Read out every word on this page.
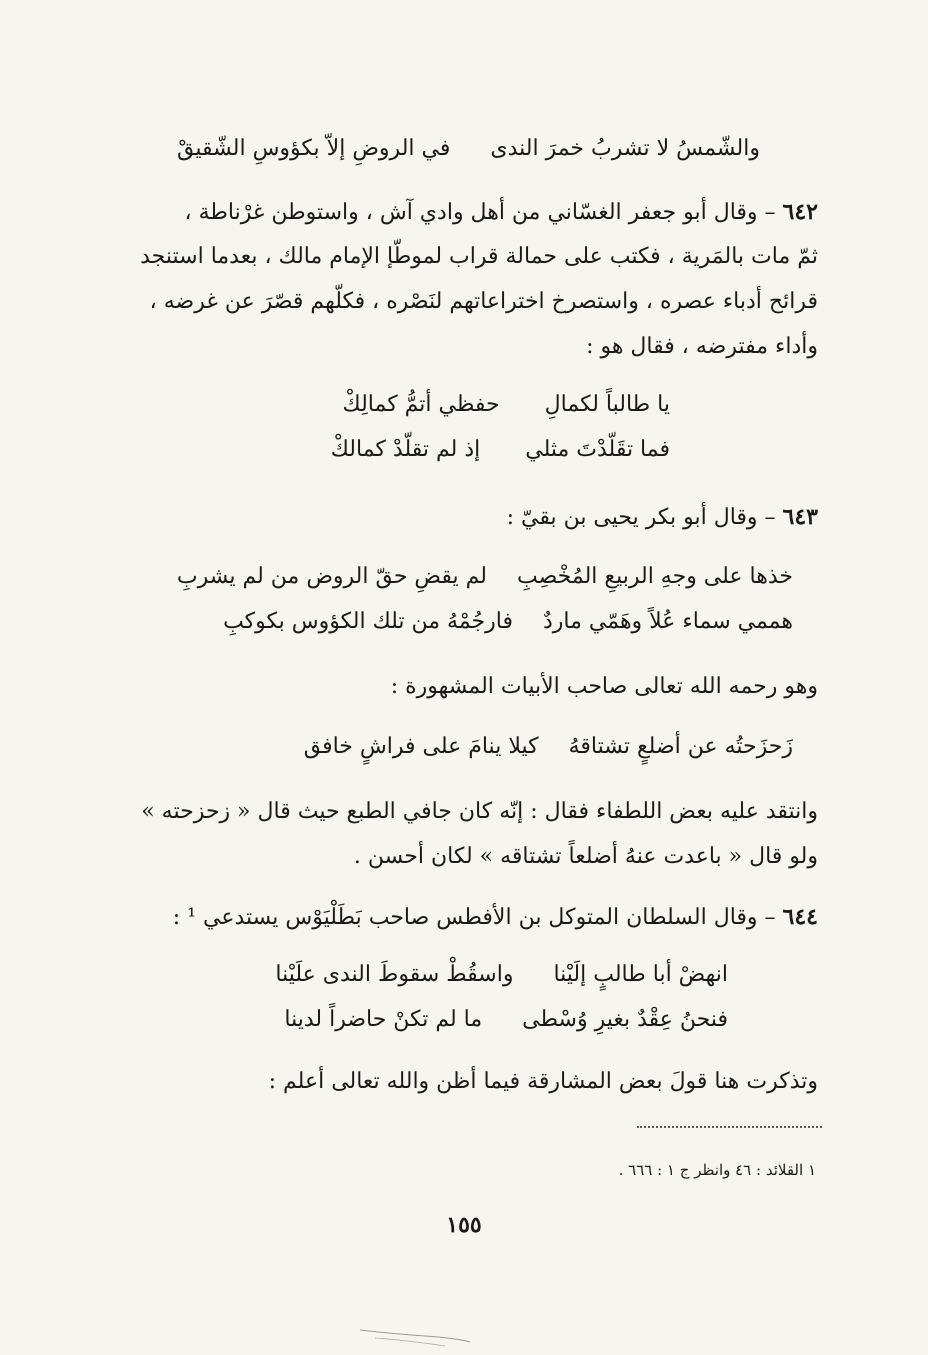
والشّمسُ لا تشربُ خمرَ الندى
في الروضِ إلاّ بكؤوسِ الشّقيقْ
٦٤٢ – وقال أبو جعفر الغسّاني من أهل وادي آش ، واستوطن غرْناطة ،
ثمّ مات بالمَرية ، فكتب على حمالة قراب لموطّإ الإمام مالك ، بعدما استنجد
قرائح أدباء عصره ، واستصرخ اختراعاتهم لنَصْره ، فكلّهم قصّرَ عن غرضه ،
وأداء مفترضه ، فقال هو :
يا طالباً لكمالِ
حفظي أتمُّ كمالِكْ
فما تقَلّدْتَ مثلي
إذ لم تقلّدْ كمالكْ
٦٤٣ – وقال أبو بكر يحيى بن بقيّ :
خذها على وجهِ الربيعِ المُخْصِبِ
لم يقضِ حقّ الروض من لم يشربِ
هممي سماء عُلاً وهَمّي ماردٌ
فارجُمْهُ من تلك الكؤوس بكوكبِ
وهو رحمه الله تعالى صاحب الأبيات المشهورة :
زَحزَحتُه عن أضلعٍ تشتاقهُ
كيلا ينامَ على فراشٍ خافق
وانتقد عليه بعض اللطفاء فقال : إنّه كان جافي الطبع حيث قال « زحزحته »
ولو قال « باعدت عنهُ أضلعاً تشتاقه » لكان أحسن .
٦٤٤ – وقال السلطان المتوكل بن الأفطس صاحب بَطَلْيَوْس يستدعي ¹ :
انهضْ أبا طالبٍ إلَيْنا
واسقُطْ سقوطَ الندى علَيْنا
فنحنُ عِقْدٌ بغيرِ وُسْطى
ما لم تكنْ حاضراً لدينا
وتذكرت هنا قولَ بعض المشارقة فيما أظن والله تعالى أعلم :
١ القلائد : ٤٦ وانظر ج ١ : ٦٦٦ .
١٥٥
